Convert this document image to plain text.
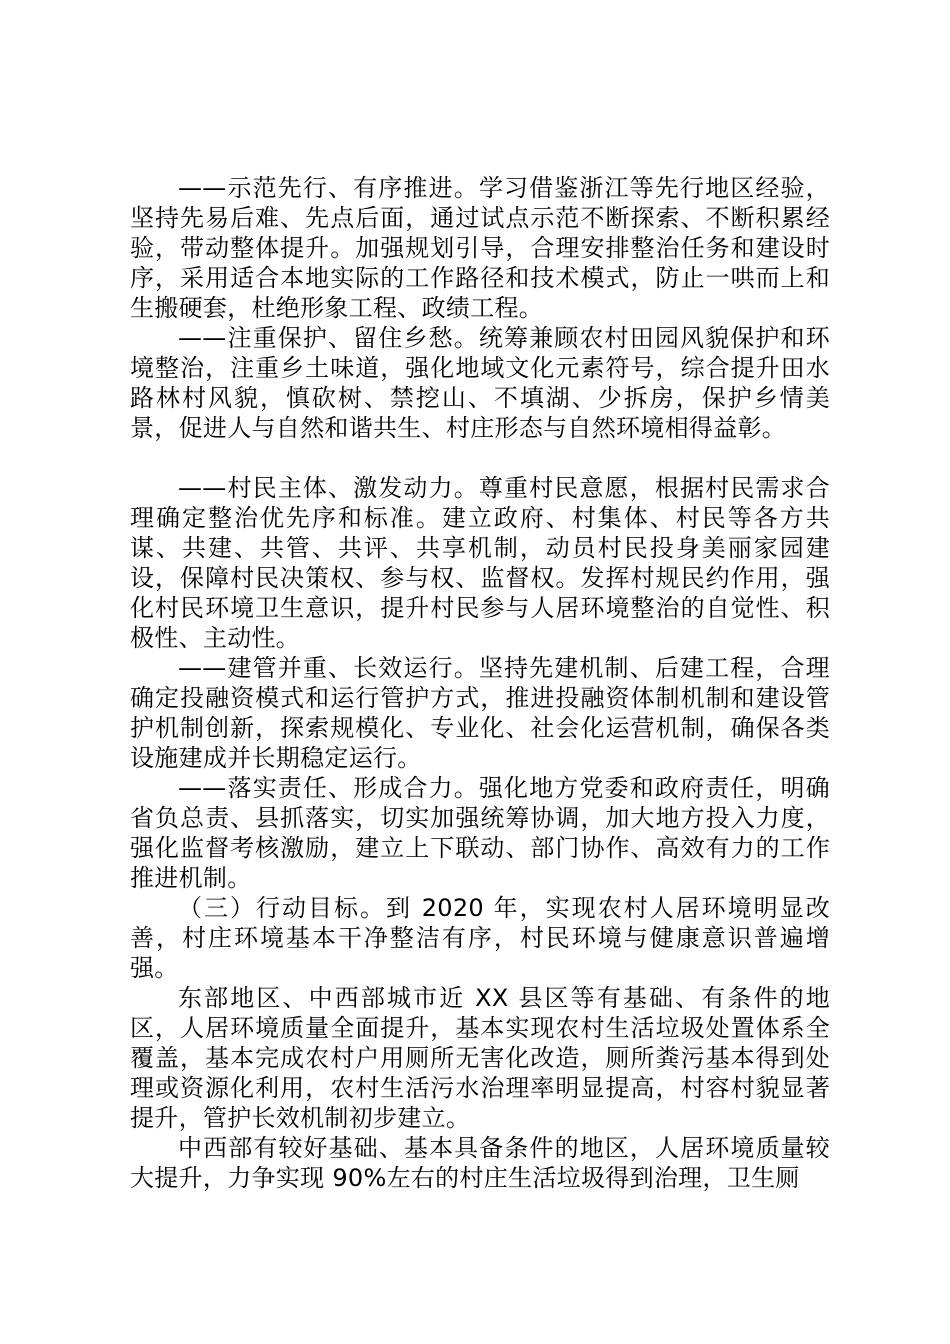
——示范先行、有序推进。学习借鉴浙江等先行地区经验，坚持先易后难、先点后面，通过试点示范不断探索、不断积累经验，带动整体提升。加强规划引导，合理安排整治任务和建设时序，采用适合本地实际的工作路径和技术模式，防止一哄而上和生搬硬套，杜绝形象工程、政绩工程。

——注重保护、留住乡愁。统筹兼顾农村田园风貌保护和环境整治，注重乡土味道，强化地域文化元素符号，综合提升田水路林村风貌，慎砍树、禁挖山、不填湖、少拆房，保护乡情美景，促进人与自然和谐共生、村庄形态与自然环境相得益彰。

——村民主体、激发动力。尊重村民意愿，根据村民需求合理确定整治优先序和标准。建立政府、村集体、村民等各方共谋、共建、共管、共评、共享机制，动员村民投身美丽家园建设，保障村民决策权、参与权、监督权。发挥村规民约作用，强化村民环境卫生意识，提升村民参与人居环境整治的自觉性、积极性、主动性。

——建管并重、长效运行。坚持先建机制、后建工程，合理确定投融资模式和运行管护方式，推进投融资体制机制和建设管护机制创新，探索规模化、专业化、社会化运营机制，确保各类设施建成并长期稳定运行。

——落实责任、形成合力。强化地方党委和政府责任，明确省负总责、县抓落实，切实加强统筹协调，加大地方投入力度，强化监督考核激励，建立上下联动、部门协作、高效有力的工作推进机制。

（三）行动目标。到 2020 年，实现农村人居环境明显改善，村庄环境基本干净整洁有序，村民环境与健康意识普遍增强。

东部地区、中西部城市近 XX 县区等有基础、有条件的地区，人居环境质量全面提升，基本实现农村生活垃圾处置体系全覆盖，基本完成农村户用厕所无害化改造，厕所粪污基本得到处理或资源化利用，农村生活污水治理率明显提高，村容村貌显著提升，管护长效机制初步建立。

中西部有较好基础、基本具备条件的地区，人居环境质量较大提升，力争实现 90%左右的村庄生活垃圾得到治理，卫生厕
